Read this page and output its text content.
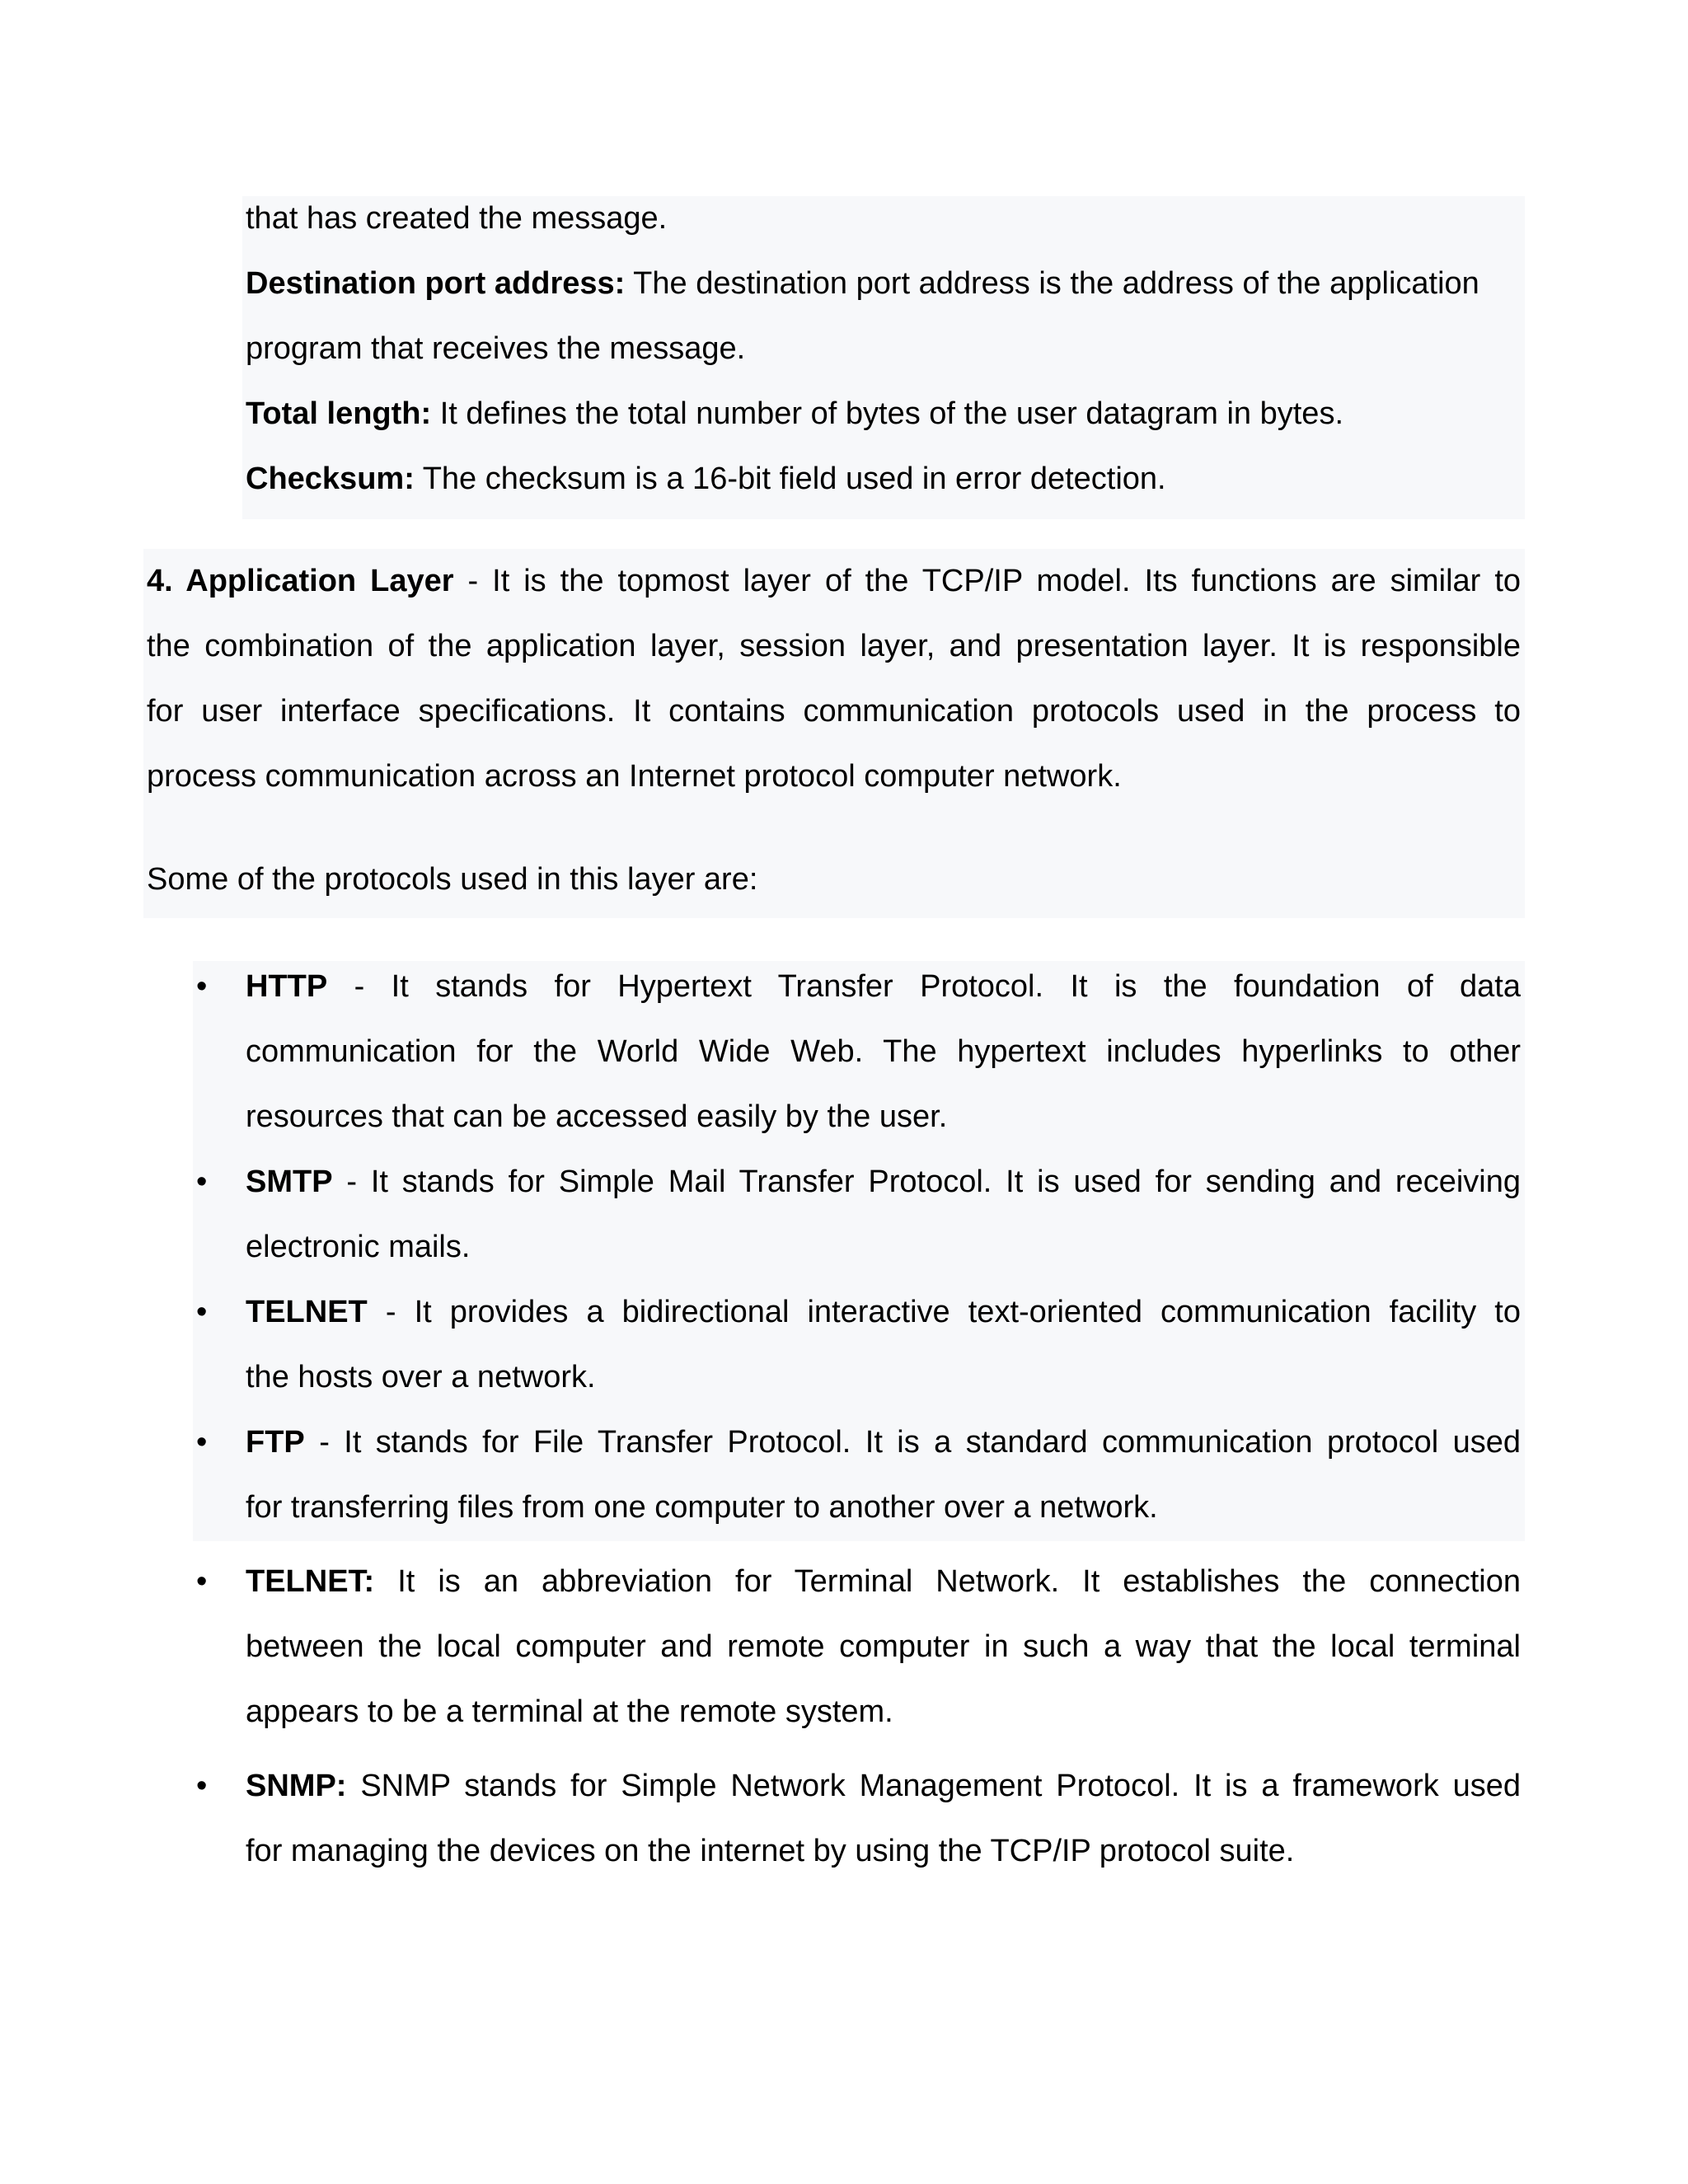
that has created the message.
Destination port address: The destination port address is the address of the application
program that receives the message.
Total length: It defines the total number of bytes of the user datagram in bytes.
Checksum: The checksum is a 16-bit field used in error detection.
4. Application Layer - It is the topmost layer of the TCP/IP model. Its functions are similar to
the combination of the application layer, session layer, and presentation layer. It is responsible
for user interface specifications. It contains communication protocols used in the process to
process communication across an Internet protocol computer network.
Some of the protocols used in this layer are:
• HTTP - It stands for Hypertext Transfer Protocol. It is the foundation of data
communication for the World Wide Web. The hypertext includes hyperlinks to other
resources that can be accessed easily by the user.
• SMTP - It stands for Simple Mail Transfer Protocol. It is used for sending and receiving
electronic mails.
• TELNET - It provides a bidirectional interactive text-oriented communication facility to
the hosts over a network.
• FTP - It stands for File Transfer Protocol. It is a standard communication protocol used
for transferring files from one computer to another over a network.
• TELNET: It is an abbreviation for Terminal Network. It establishes the connection
between the local computer and remote computer in such a way that the local terminal
appears to be a terminal at the remote system.
• SNMP: SNMP stands for Simple Network Management Protocol. It is a framework used
for managing the devices on the internet by using the TCP/IP protocol suite.
